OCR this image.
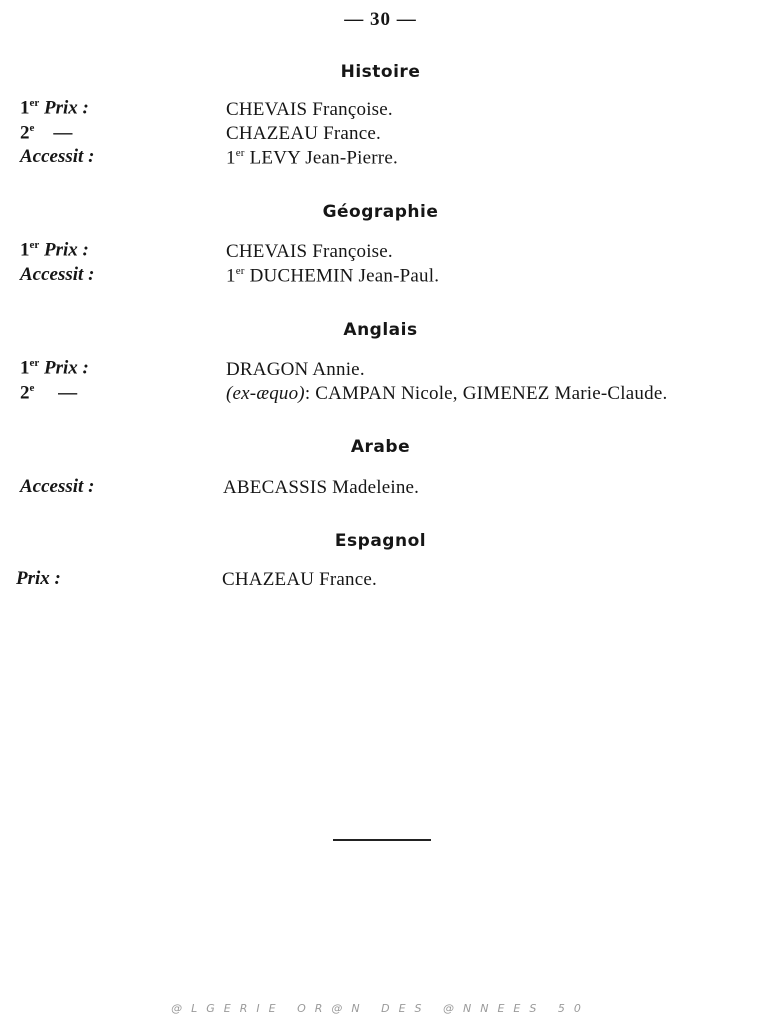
— 30 —
Histoire
1er Prix :	CHEVAIS Françoise.
2e —	CHAZEAU France.
Accessit :	1er LEVY Jean-Pierre.
Géographie
1er Prix :	CHEVAIS Françoise.
Accessit :	1er DUCHEMIN Jean-Paul.
Anglais
1er Prix :	DRAGON Annie.
2e —	(ex-æquo): CAMPAN Nicole, GIMENEZ Marie-Claude.
Arabe
Accessit :	ABECASSIS Madeleine.
Espagnol
Prix :	CHAZEAU France.
@LGERIE OR@N DES @NNEES 50
